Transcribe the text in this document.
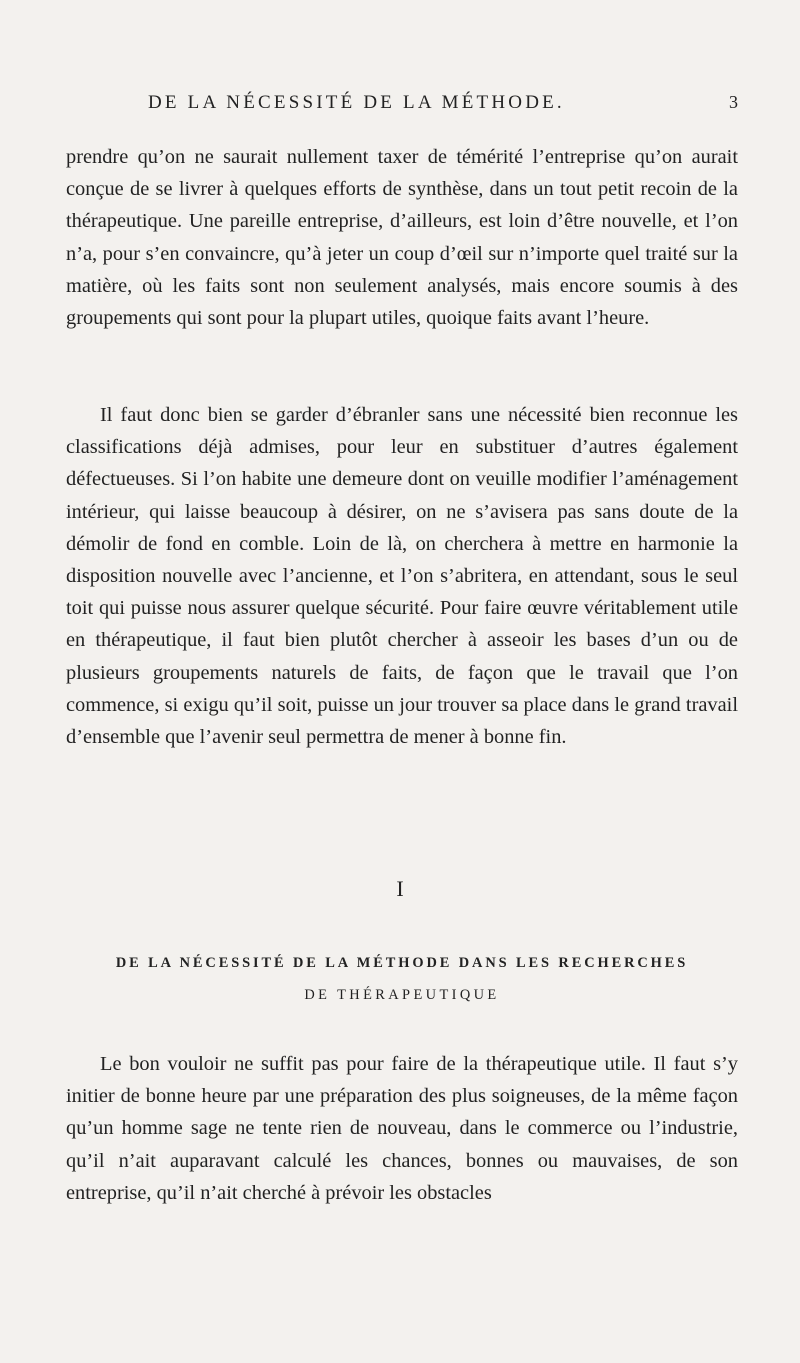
DE LA NÉCESSITÉ DE LA MÉTHODE.	3

prendre qu’on ne saurait nullement taxer de témérité l’entreprise qu’on aurait conçue de se livrer à quelques efforts de synthèse, dans un tout petit recoin de la thérapeutique. Une pareille entreprise, d’ailleurs, est loin d’être nouvelle, et l’on n’a, pour s’en convaincre, qu’à jeter un coup d’œil sur n’importe quel traité sur la matière, où les faits sont non seulement analysés, mais encore soumis à des groupements qui sont pour la plupart utiles, quoique faits avant l’heure.

Il faut donc bien se garder d’ébranler sans une nécessité bien reconnue les classifications déjà admises, pour leur en substituer d’autres également défectueuses. Si l’on habite une demeure dont on veuille modifier l’aménagement intérieur, qui laisse beaucoup à désirer, on ne s’avisera pas sans doute de la démolir de fond en comble. Loin de là, on cherchera à mettre en harmonie la disposition nouvelle avec l’ancienne, et l’on s’abritera, en attendant, sous le seul toit qui puisse nous assurer quelque sécurité. Pour faire œuvre véritablement utile en thérapeutique, il faut bien plutôt chercher à asseoir les bases d’un ou de plusieurs groupements naturels de faits, de façon que le travail que l’on commence, si exigu qu’il soit, puisse un jour trouver sa place dans le grand travail d’ensemble que l’avenir seul permettra de mener à bonne fin.

I
DE LA NÉCESSITÉ DE LA MÉTHODE DANS LES RECHERCHES
DE THÉRAPEUTIQUE

Le bon vouloir ne suffit pas pour faire de la thérapeutique utile. Il faut s’y initier de bonne heure par une préparation des plus soigneuses, de la même façon qu’un homme sage ne tente rien de nouveau, dans le commerce ou l’industrie, qu’il n’ait auparavant calculé les chances, bonnes ou mauvaises, de son entreprise, qu’il n’ait cherché à prévoir les obstacles
